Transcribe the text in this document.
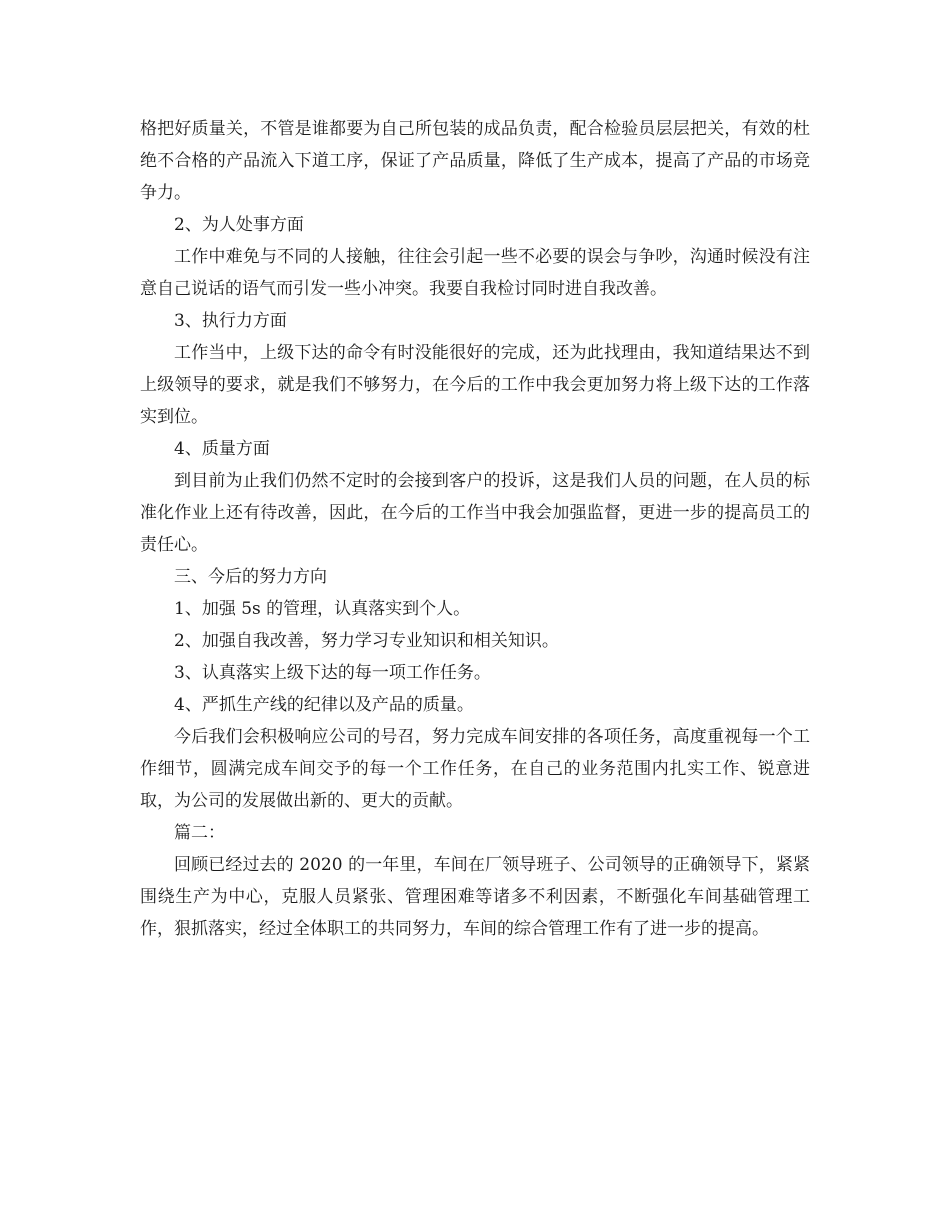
格把好质量关，不管是谁都要为自己所包装的成品负责，配合检验员层层把关，有效的杜绝不合格的产品流入下道工序，保证了产品质量，降低了生产成本，提高了产品的市场竞争力。

2、为人处事方面

工作中难免与不同的人接触，往往会引起一些不必要的误会与争吵，沟通时候没有注意自己说话的语气而引发一些小冲突。我要自我检讨同时进自我改善。

3、执行力方面

工作当中，上级下达的命令有时没能很好的完成，还为此找理由，我知道结果达不到上级领导的要求，就是我们不够努力，在今后的工作中我会更加努力将上级下达的工作落实到位。

4、质量方面

到目前为止我们仍然不定时的会接到客户的投诉，这是我们人员的问题，在人员的标准化作业上还有待改善，因此，在今后的工作当中我会加强监督，更进一步的提高员工的责任心。

三、今后的努力方向

1、加强 5s 的管理，认真落实到个人。

2、加强自我改善，努力学习专业知识和相关知识。

3、认真落实上级下达的每一项工作任务。

4、严抓生产线的纪律以及产品的质量。

今后我们会积极响应公司的号召，努力完成车间安排的各项任务，高度重视每一个工作细节，圆满完成车间交予的每一个工作任务，在自己的业务范围内扎实工作、锐意进取，为公司的发展做出新的、更大的贡献。

篇二：

回顾已经过去的 2020 的一年里，车间在厂领导班子、公司领导的正确领导下，紧紧围绕生产为中心，克服人员紧张、管理困难等诸多不利因素，不断强化车间基础管理工作，狠抓落实，经过全体职工的共同努力，车间的综合管理工作有了进一步的提高。
